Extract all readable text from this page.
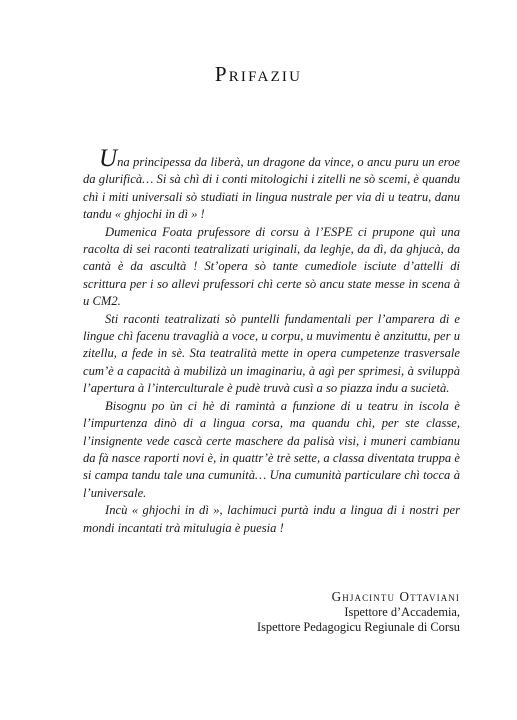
Prifaziu

Una principessa da liberà, un dragone da vince, o ancu puru un eroe da glurificà… Si sà chì di i conti mitologichi i zitelli ne sò scemi, è quandu chì i miti universali sò studiati in lingua nustrale per via di u teatru, danu tandu « ghjochi in dì » !

Dumenica Foata prufessore di corsu à l’ESPE ci prupone quì una racolta di sei raconti teatralizati uriginali, da leghje, da dì, da ghjucà, da cantà è da ascultà ! St’opera sò tante cumediole isciute d’attelli di scrittura per i so allevi prufessori chì certe sò ancu state messe in scena à u CM2.

Sti raconti teatralizati sò puntelli fundamentali per l’amparera di e lingue chì facenu travaglià a voce, u corpu, u muvimentu è anzituttu, per u zitellu, a fede in sè. Sta teatralità mette in opera cumpetenze trasversale cum’è a capacità à mubilizà un imaginariu, à agì per sprimesi, à sviluppà l’apertura à l’interculturale è pudè truvà cusì a so piazza indu a sucietà.

Bisognu po ùn ci hè di ramintà a funzione di u teatru in iscola è l’impurtenza dinò di a lingua corsa, ma quandu chì, per ste classe, l’insignente vede cascà certe maschere da palisà visi, i muneri cambianu da fà nasce raporti novi è, in quattr’è trè sette, a classa diventata truppa è si campa tandu tale una cumunità… Una cumunità particulare chì tocca à l’universale.

Incù « ghjochi in dì », lachimuci purtà indu a lingua di i nostri per mondi incantati trà mitulugia è puesia !

Ghjacintu Ottaviani
Ispettore d’Accademia,
Ispettore Pedagogicu Regiunale di Corsu
